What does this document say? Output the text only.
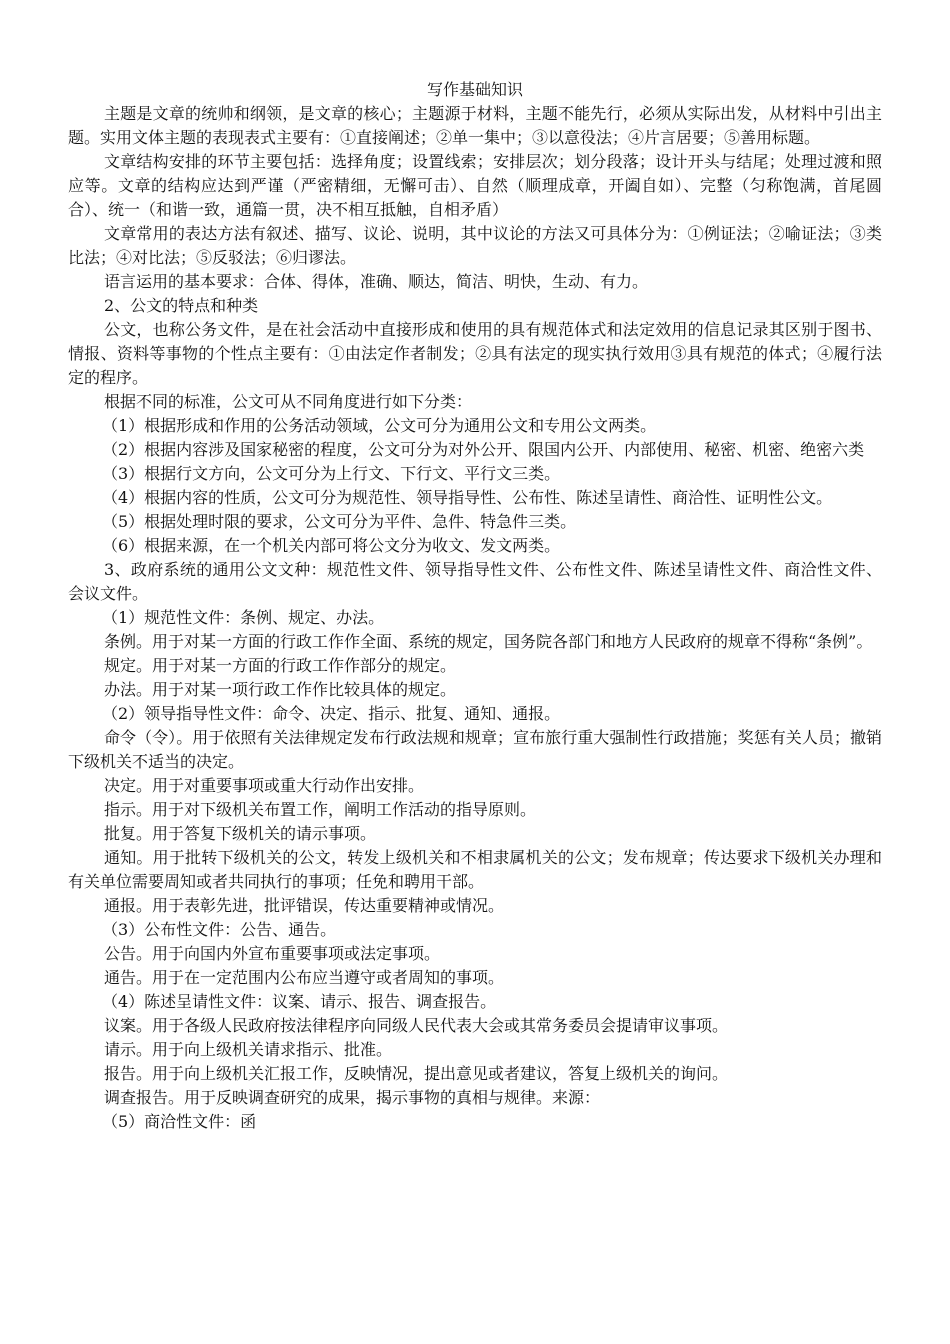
写作基础知识

主题是文章的统帅和纲领，是文章的核心；主题源于材料，主题不能先行，必须从实际出发，从材料中引出主题。实用文体主题的表现表式主要有：①直接阐述；②单一集中；③以意役法；④片言居要；⑤善用标题。

文章结构安排的环节主要包括：选择角度；设置线索；安排层次；划分段落；设计开头与结尾；处理过渡和照应等。文章的结构应达到严谨（严密精细，无懈可击）、自然（顺理成章，开阖自如）、完整（匀称饱满，首尾圆合）、统一（和谐一致，通篇一贯，决不相互抵触，自相矛盾）

文章常用的表达方法有叙述、描写、议论、说明，其中议论的方法又可具体分为：①例证法；②喻证法；③类比法；④对比法；⑤反驳法；⑥归谬法。

语言运用的基本要求：合体、得体，准确、顺达，简洁、明快，生动、有力。

2、公文的特点和种类

公文，也称公务文件，是在社会活动中直接形成和使用的具有规范体式和法定效用的信息记录其区别于图书、情报、资料等事物的个性点主要有：①由法定作者制发；②具有法定的现实执行效用③具有规范的体式；④履行法定的程序。

根据不同的标准，公文可从不同角度进行如下分类：

（1）根据形成和作用的公务活动领域，公文可分为通用公文和专用公文两类。

（2）根据内容涉及国家秘密的程度，公文可分为对外公开、限国内公开、内部使用、秘密、机密、绝密六类

（3）根据行文方向，公文可分为上行文、下行文、平行文三类。

（4）根据内容的性质，公文可分为规范性、领导指导性、公布性、陈述呈请性、商洽性、证明性公文。

（5）根据处理时限的要求，公文可分为平件、急件、特急件三类。

（6）根据来源，在一个机关内部可将公文分为收文、发文两类。

3、政府系统的通用公文文种：规范性文件、领导指导性文件、公布性文件、陈述呈请性文件、商洽性文件、会议文件。

（1）规范性文件：条例、规定、办法。

条例。用于对某一方面的行政工作作全面、系统的规定，国务院各部门和地方人民政府的规章不得称“条例”。

规定。用于对某一方面的行政工作作部分的规定。

办法。用于对某一项行政工作作比较具体的规定。

（2）领导指导性文件：命令、决定、指示、批复、通知、通报。

命令（令）。用于依照有关法律规定发布行政法规和规章；宣布旅行重大强制性行政措施；奖惩有关人员；撤销下级机关不适当的决定。

决定。用于对重要事项或重大行动作出安排。

指示。用于对下级机关布置工作，阐明工作活动的指导原则。

批复。用于答复下级机关的请示事项。

通知。用于批转下级机关的公文，转发上级机关和不相隶属机关的公文；发布规章；传达要求下级机关办理和有关单位需要周知或者共同执行的事项；任免和聘用干部。

通报。用于表彰先进，批评错误，传达重要精神或情况。

（3）公布性文件：公告、通告。

公告。用于向国内外宣布重要事项或法定事项。

通告。用于在一定范围内公布应当遵守或者周知的事项。

（4）陈述呈请性文件：议案、请示、报告、调查报告。

议案。用于各级人民政府按法律程序向同级人民代表大会或其常务委员会提请审议事项。

请示。用于向上级机关请求指示、批准。

报告。用于向上级机关汇报工作，反映情况，提出意见或者建议，答复上级机关的询问。

调查报告。用于反映调查研究的成果，揭示事物的真相与规律。来源：

（5）商洽性文件：函
